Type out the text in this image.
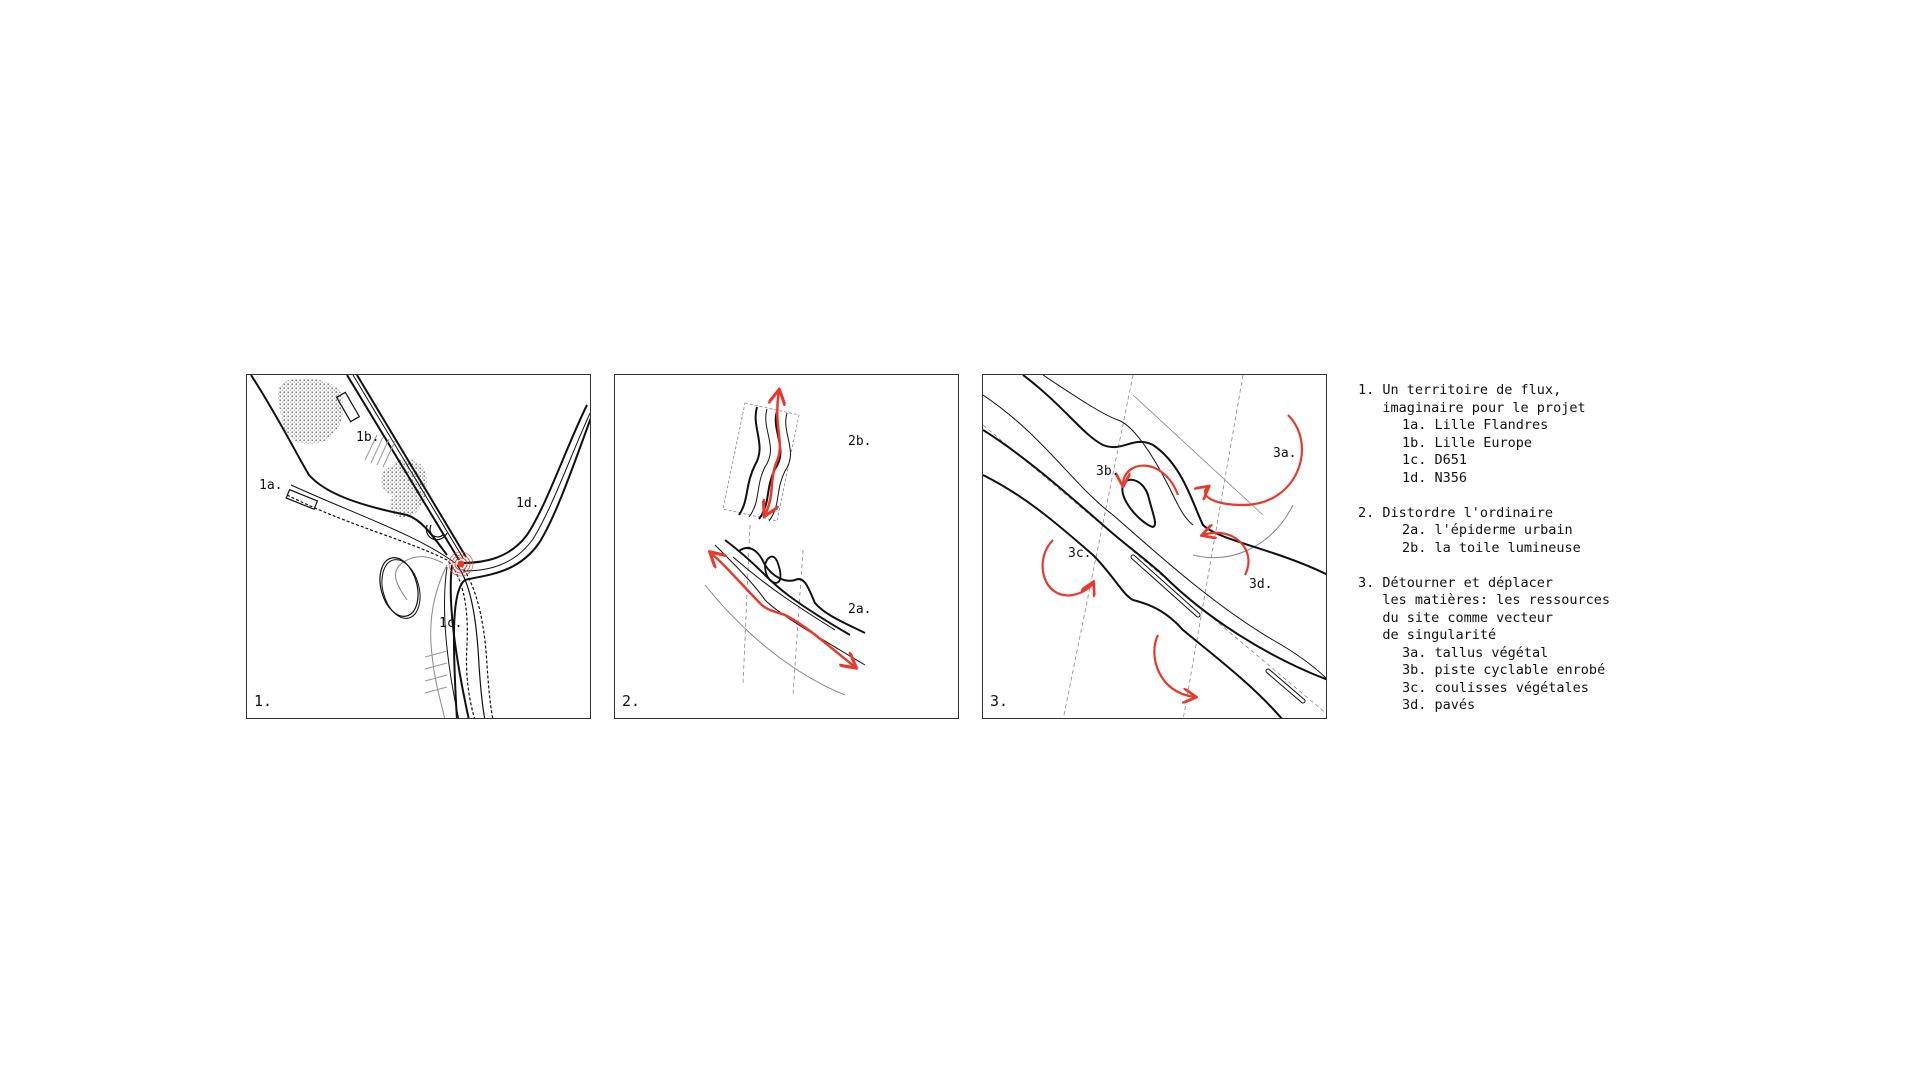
1a.
1b.
1c.
1d.
1.
2b.
2a.
2.
3a.
3b.
3c.
3d.
3.
1. Un territoire de flux,
imaginaire pour le projet
1a. Lille Flandres
1b. Lille Europe
1c. D651
1d. N356
2. Distordre l'ordinaire
2a. l'épiderme urbain
2b. la toile lumineuse
3. Détourner et déplacer
les matières: les ressources
du site comme vecteur
de singularité
3a. tallus végétal
3b. piste cyclable enrobé
3c. coulisses végétales
3d. pavés
